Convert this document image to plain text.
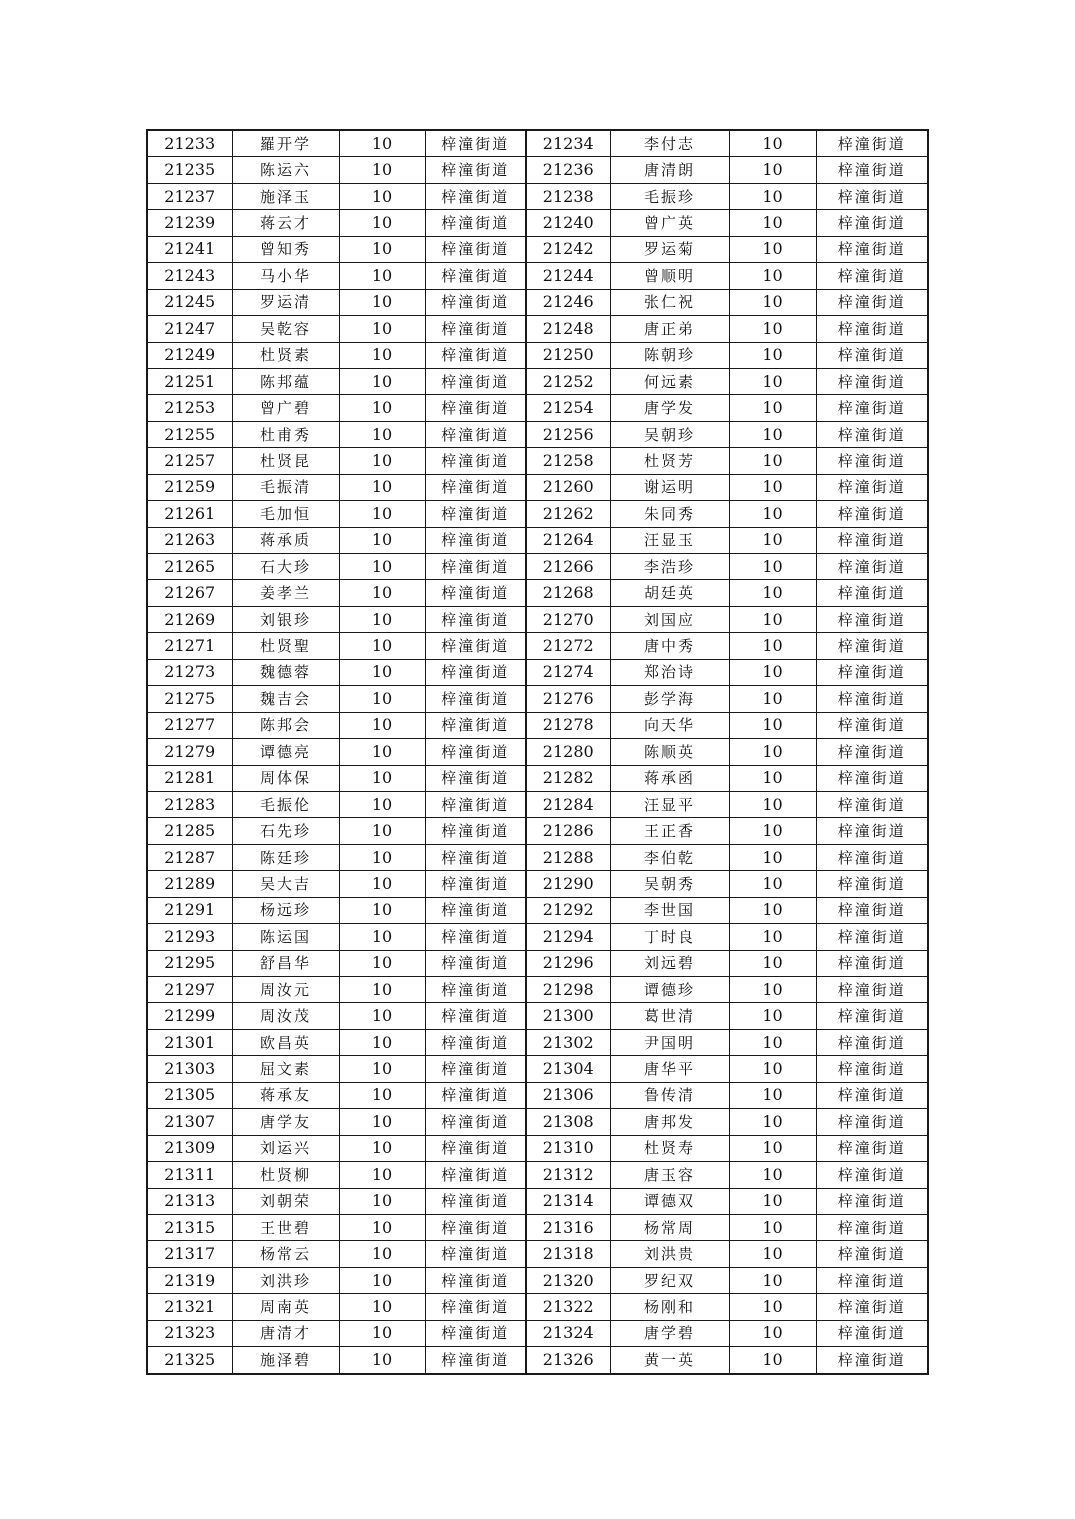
21233	羅开学	10	梓潼街道	21234	李付志	10	梓潼街道
21235	陈运六	10	梓潼街道	21236	唐清朗	10	梓潼街道
21237	施泽玉	10	梓潼街道	21238	毛振珍	10	梓潼街道
21239	蒋云才	10	梓潼街道	21240	曾广英	10	梓潼街道
21241	曾知秀	10	梓潼街道	21242	罗运菊	10	梓潼街道
21243	马小华	10	梓潼街道	21244	曾顺明	10	梓潼街道
21245	罗运清	10	梓潼街道	21246	张仁祝	10	梓潼街道
21247	吴乾容	10	梓潼街道	21248	唐正弟	10	梓潼街道
21249	杜贤素	10	梓潼街道	21250	陈朝珍	10	梓潼街道
21251	陈邦蕴	10	梓潼街道	21252	何远素	10	梓潼街道
21253	曾广碧	10	梓潼街道	21254	唐学发	10	梓潼街道
21255	杜甫秀	10	梓潼街道	21256	吴朝珍	10	梓潼街道
21257	杜贤昆	10	梓潼街道	21258	杜贤芳	10	梓潼街道
21259	毛振清	10	梓潼街道	21260	谢运明	10	梓潼街道
21261	毛加恒	10	梓潼街道	21262	朱同秀	10	梓潼街道
21263	蒋承质	10	梓潼街道	21264	汪显玉	10	梓潼街道
21265	石大珍	10	梓潼街道	21266	李浩珍	10	梓潼街道
21267	姜孝兰	10	梓潼街道	21268	胡廷英	10	梓潼街道
21269	刘银珍	10	梓潼街道	21270	刘国应	10	梓潼街道
21271	杜贤聖	10	梓潼街道	21272	唐中秀	10	梓潼街道
21273	魏德蓉	10	梓潼街道	21274	郑治诗	10	梓潼街道
21275	魏吉会	10	梓潼街道	21276	彭学海	10	梓潼街道
21277	陈邦会	10	梓潼街道	21278	向天华	10	梓潼街道
21279	谭德亮	10	梓潼街道	21280	陈顺英	10	梓潼街道
21281	周体保	10	梓潼街道	21282	蒋承函	10	梓潼街道
21283	毛振伦	10	梓潼街道	21284	汪显平	10	梓潼街道
21285	石先珍	10	梓潼街道	21286	王正香	10	梓潼街道
21287	陈廷珍	10	梓潼街道	21288	李伯乾	10	梓潼街道
21289	吴大吉	10	梓潼街道	21290	吴朝秀	10	梓潼街道
21291	杨远珍	10	梓潼街道	21292	李世国	10	梓潼街道
21293	陈运国	10	梓潼街道	21294	丁时良	10	梓潼街道
21295	舒昌华	10	梓潼街道	21296	刘远碧	10	梓潼街道
21297	周汝元	10	梓潼街道	21298	谭德珍	10	梓潼街道
21299	周汝茂	10	梓潼街道	21300	葛世清	10	梓潼街道
21301	欧昌英	10	梓潼街道	21302	尹国明	10	梓潼街道
21303	屈文素	10	梓潼街道	21304	唐华平	10	梓潼街道
21305	蒋承友	10	梓潼街道	21306	鲁传清	10	梓潼街道
21307	唐学友	10	梓潼街道	21308	唐邦发	10	梓潼街道
21309	刘运兴	10	梓潼街道	21310	杜贤寿	10	梓潼街道
21311	杜贤柳	10	梓潼街道	21312	唐玉容	10	梓潼街道
21313	刘朝荣	10	梓潼街道	21314	谭德双	10	梓潼街道
21315	王世碧	10	梓潼街道	21316	杨常周	10	梓潼街道
21317	杨常云	10	梓潼街道	21318	刘洪贵	10	梓潼街道
21319	刘洪珍	10	梓潼街道	21320	罗纪双	10	梓潼街道
21321	周南英	10	梓潼街道	21322	杨刚和	10	梓潼街道
21323	唐清才	10	梓潼街道	21324	唐学碧	10	梓潼街道
21325	施泽碧	10	梓潼街道	21326	黄一英	10	梓潼街道
